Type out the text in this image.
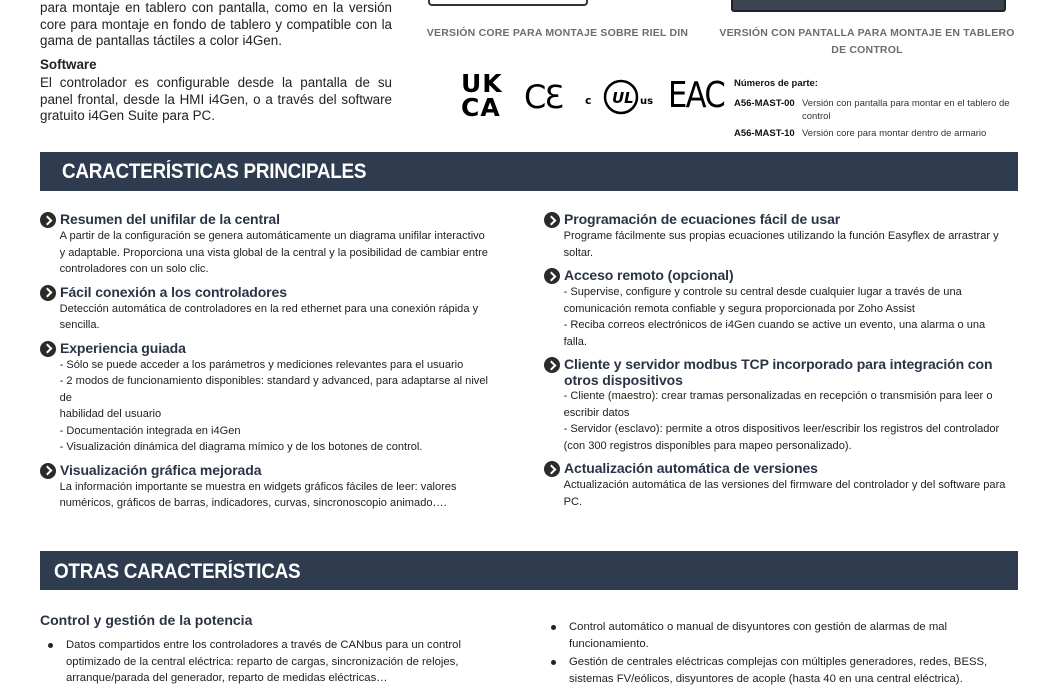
para montaje en tablero con pantalla, como en la versión core para montaje en fondo de tablero y compatible con la gama de pantallas táctiles a color i4Gen.

Software

El controlador es configurable desde la pantalla de su panel frontal, desde la HMI i4Gen, o a través del software gratuito i4Gen Suite para PC.

VERSIÓN CORE PARA MONTAJE SOBRE RIEL DIN	VERSIÓN CON PANTALLA PARA MONTAJE EN TABLERO DE CONTROL
UK
CA CƐ c UL us EAC Números de parte:
A56-MAST-00 Versión con pantalla para montar en el tablero de control
A56-MAST-10 Versión core para montar dentro de armario
CARACTERÍSTICAS PRINCIPALES
Resumen del unifilar de la central
A partir de la configuración se genera automáticamente un diagrama unifilar interactivo
y adaptable. Proporciona una vista global de la central y la posibilidad de cambiar entre
controladores con un solo clic.
Fácil conexión a los controladores
Detección automática de controladores en la red ethernet para una conexión rápida y
sencilla.
Experiencia guiada
- Sólo se puede acceder a los parámetros y mediciones relevantes para el usuario
- 2 modos de funcionamiento disponibles: standard y advanced, para adaptarse al nivel de
habilidad del usuario
- Documentación integrada en i4Gen
- Visualización dinámica del diagrama mímico y de los botones de control.
Visualización gráfica mejorada
La información importante se muestra en widgets gráficos fáciles de leer: valores
numéricos, gráficos de barras, indicadores, curvas, sincronoscopio animado….
Programación de ecuaciones fácil de usar
Programe fácilmente sus propias ecuaciones utilizando la función Easyflex de arrastrar y
soltar.
Acceso remoto (opcional)
- Supervise, configure y controle su central desde cualquier lugar a través de una
comunicación remota confiable y segura proporcionada por Zoho Assist
- Reciba correos electrónicos de i4Gen cuando se active un evento, una alarma o una falla.
Cliente y servidor modbus TCP incorporado para integración con otros dispositivos
- Cliente (maestro): crear tramas personalizadas en recepción o transmisión para leer o
escribir datos
- Servidor (esclavo): permite a otros dispositivos leer/escribir los registros del controlador
(con 300 registros disponibles para mapeo personalizado).
Actualización automática de versiones
Actualización automática de las versiones del firmware del controlador y del software para
PC.
OTRAS CARACTERÍSTICAS
Control y gestión de la potencia
Datos compartidos entre los controladores a través de CANbus para un control optimizado de la central eléctrica: reparto de cargas, sincronización de relojes, arranque/parada del generador, reparto de medidas eléctricas…
Control automático o manual de disyuntores con gestión de alarmas de mal funcionamiento.
Gestión de centrales eléctricas complejas con múltiples generadores, redes, BESS, sistemas FV/eólicos, disyuntores de acople (hasta 40 en una central eléctrica).
